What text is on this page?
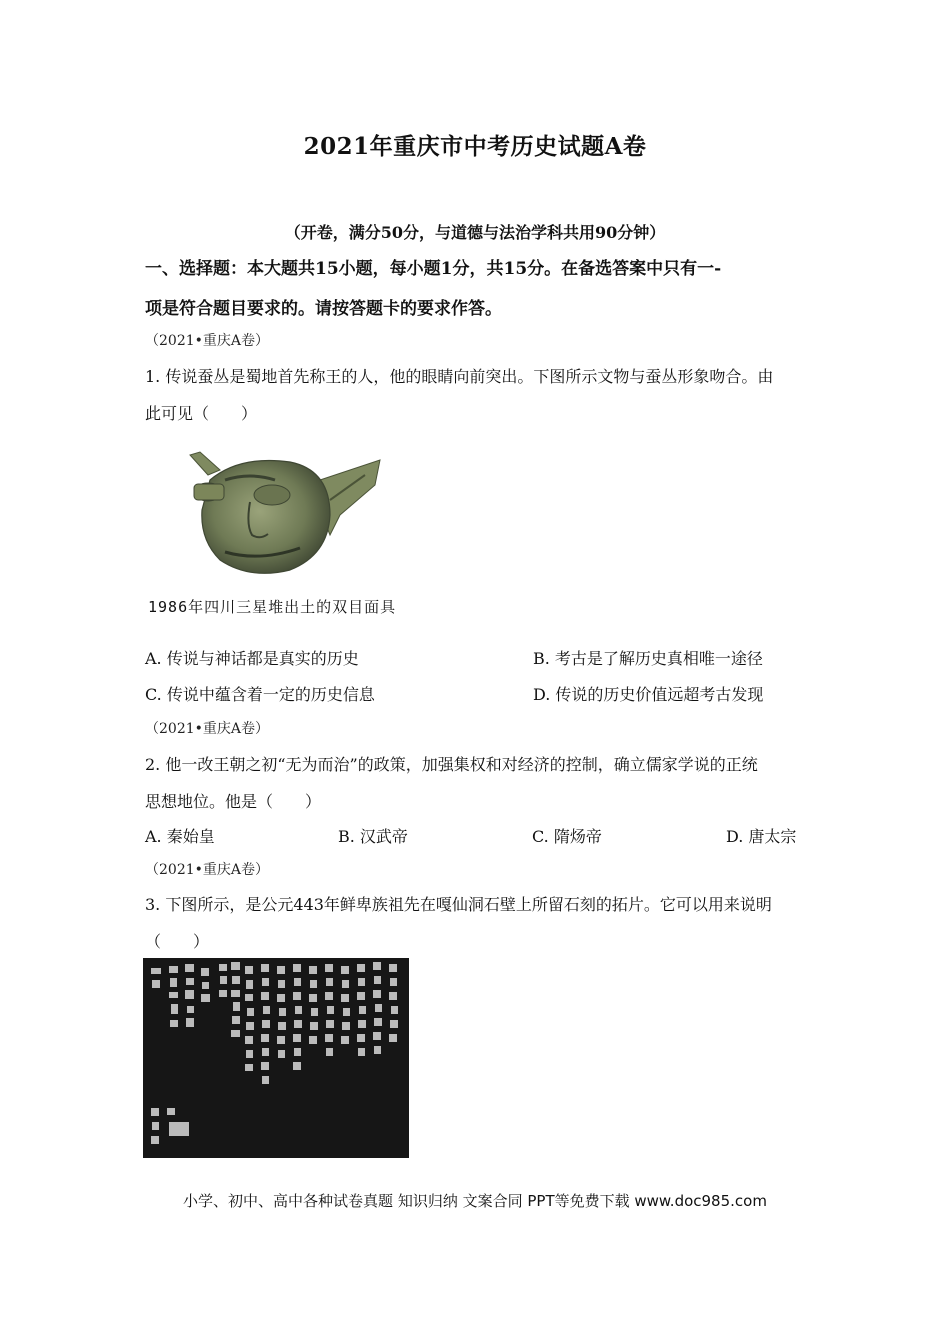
2021年重庆市中考历史试题A卷
（开卷，满分50分，与道德与法治学科共用90分钟）
一、选择题：本大题共15小题，每小题1分，共15分。在备选答案中只有一-
项是符合题目要求的。请按答题卡的要求作答。
（2021•重庆A卷）
1. 传说蚕丛是蜀地首先称王的人，他的眼睛向前突出。下图所示文物与蚕丛形象吻合。由
此可见（　　）
1986年四川三星堆出土的双目面具
A. 传说与神话都是真实的历史	B. 考古是了解历史真相唯一途径
C. 传说中蕴含着一定的历史信息	D. 传说的历史价值远超考古发现
（2021•重庆A卷）
2. 他一改王朝之初“无为而治”的政策，加强集权和对经济的控制，确立儒家学说的正统
思想地位。他是（　　）
A. 秦始皇	B. 汉武帝	C. 隋炀帝	D. 唐太宗
（2021•重庆A卷）
3. 下图所示，是公元443年鲜卑族祖先在嘎仙洞石壁上所留石刻的拓片。它可以用来说明
（　　）
小学、初中、高中各种试卷真题 知识归纳 文案合同 PPT等免费下载 www.doc985.com
